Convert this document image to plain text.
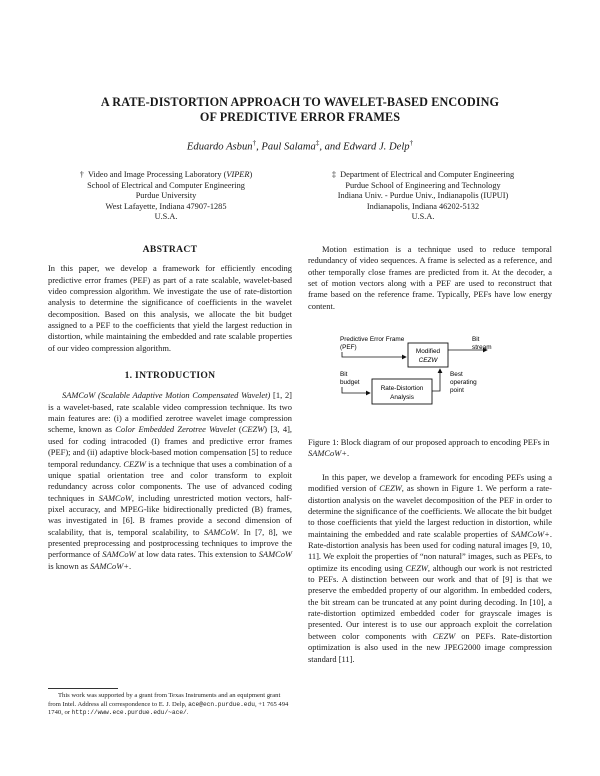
A RATE-DISTORTION APPROACH TO WAVELET-BASED ENCODING
OF PREDICTIVE ERROR FRAMES
Eduardo Asbun†, Paul Salama‡, and Edward J. Delp†
† Video and Image Processing Laboratory (VIPER)
School of Electrical and Computer Engineering
Purdue University
West Lafayette, Indiana 47907-1285
U.S.A.
‡ Department of Electrical and Computer Engineering
Purdue School of Engineering and Technology
Indiana Univ. - Purdue Univ., Indianapolis (IUPUI)
Indianapolis, Indiana 46202-5132
U.S.A.
ABSTRACT

In this paper, we develop a framework for efficiently encoding predictive error frames (PEF) as part of a rate scalable, wavelet-based video compression algorithm. We investigate the use of rate-distortion analysis to determine the significance of coefficients in the wavelet decomposition. Based on this analysis, we allocate the bit budget assigned to a PEF to the coefficients that yield the largest reduction in distortion, while maintaining the embedded and rate scalable properties of our video compression algorithm.

1. INTRODUCTION

SAMCoW (Scalable Adaptive Motion Compensated Wavelet) [1, 2] is a wavelet-based, rate scalable video compression technique. Its two main features are: (i) a modified zerotree wavelet image compression scheme, known as Color Embedded Zerotree Wavelet (CEZW) [3, 4], used for coding intracoded (I) frames and predictive error frames (PEF); and (ii) adaptive block-based motion compensation [5] to reduce temporal redundancy. CEZW is a technique that uses a combination of a unique spatial orientation tree and color transform to exploit redundancy across color components. The use of advanced coding techniques in SAMCoW, including unrestricted motion vectors, half-pixel accuracy, and MPEG-like bidirectionally predicted (B) frames, was investigated in [6]. B frames provide a second dimension of scalability, that is, temporal scalability, to SAMCoW. In [7, 8], we presented preprocessing and postprocessing techniques to improve the performance of SAMCoW at low data rates. This extension to SAMCoW is known as SAMCoW+.

This work was supported by a grant from Texas Instruments and an equipment grant from Intel. Address all correspondence to E. J. Delp, ace@ecn.purdue.edu, +1 765 494 1740, or http://www.ece.purdue.edu/~ace/.

Motion estimation is a technique used to reduce temporal redundancy of video sequences. A frame is selected as a reference, and other temporally close frames are predicted from it. At the decoder, a set of motion vectors along with a PEF are used to reconstruct that frame based on the reference frame. Typically, PEFs have low energy content.

Predictive Error Frame
(PEF)
Modified
CEZW
Bit
stream
Bit
budget
Rate-Distortion
Analysis
Best
operating
point
Figure 1: Block diagram of our proposed approach to encoding PEFs in SAMCoW+.

In this paper, we develop a framework for encoding PEFs using a modified version of CEZW, as shown in Figure 1. We perform a rate-distortion analysis on the wavelet decomposition of the PEF in order to determine the significance of the coefficients. We allocate the bit budget to those coefficients that yield the largest reduction in distortion, while maintaining the embedded and rate scalable properties of SAMCoW+. Rate-distortion analysis has been used for coding natural images [9, 10, 11]. We exploit the properties of “non natural” images, such as PEFs, to optimize its encoding using CEZW, although our work is not restricted to PEFs. A distinction between our work and that of [9] is that we preserve the embedded property of our algorithm. In embedded coders, the bit stream can be truncated at any point during decoding. In [10], a rate-distortion optimized embedded coder for grayscale images is presented. Our interest is to use our approach exploit the correlation between color components with CEZW on PEFs. Rate-distortion optimization is also used in the new JPEG2000 image compression standard [11].
